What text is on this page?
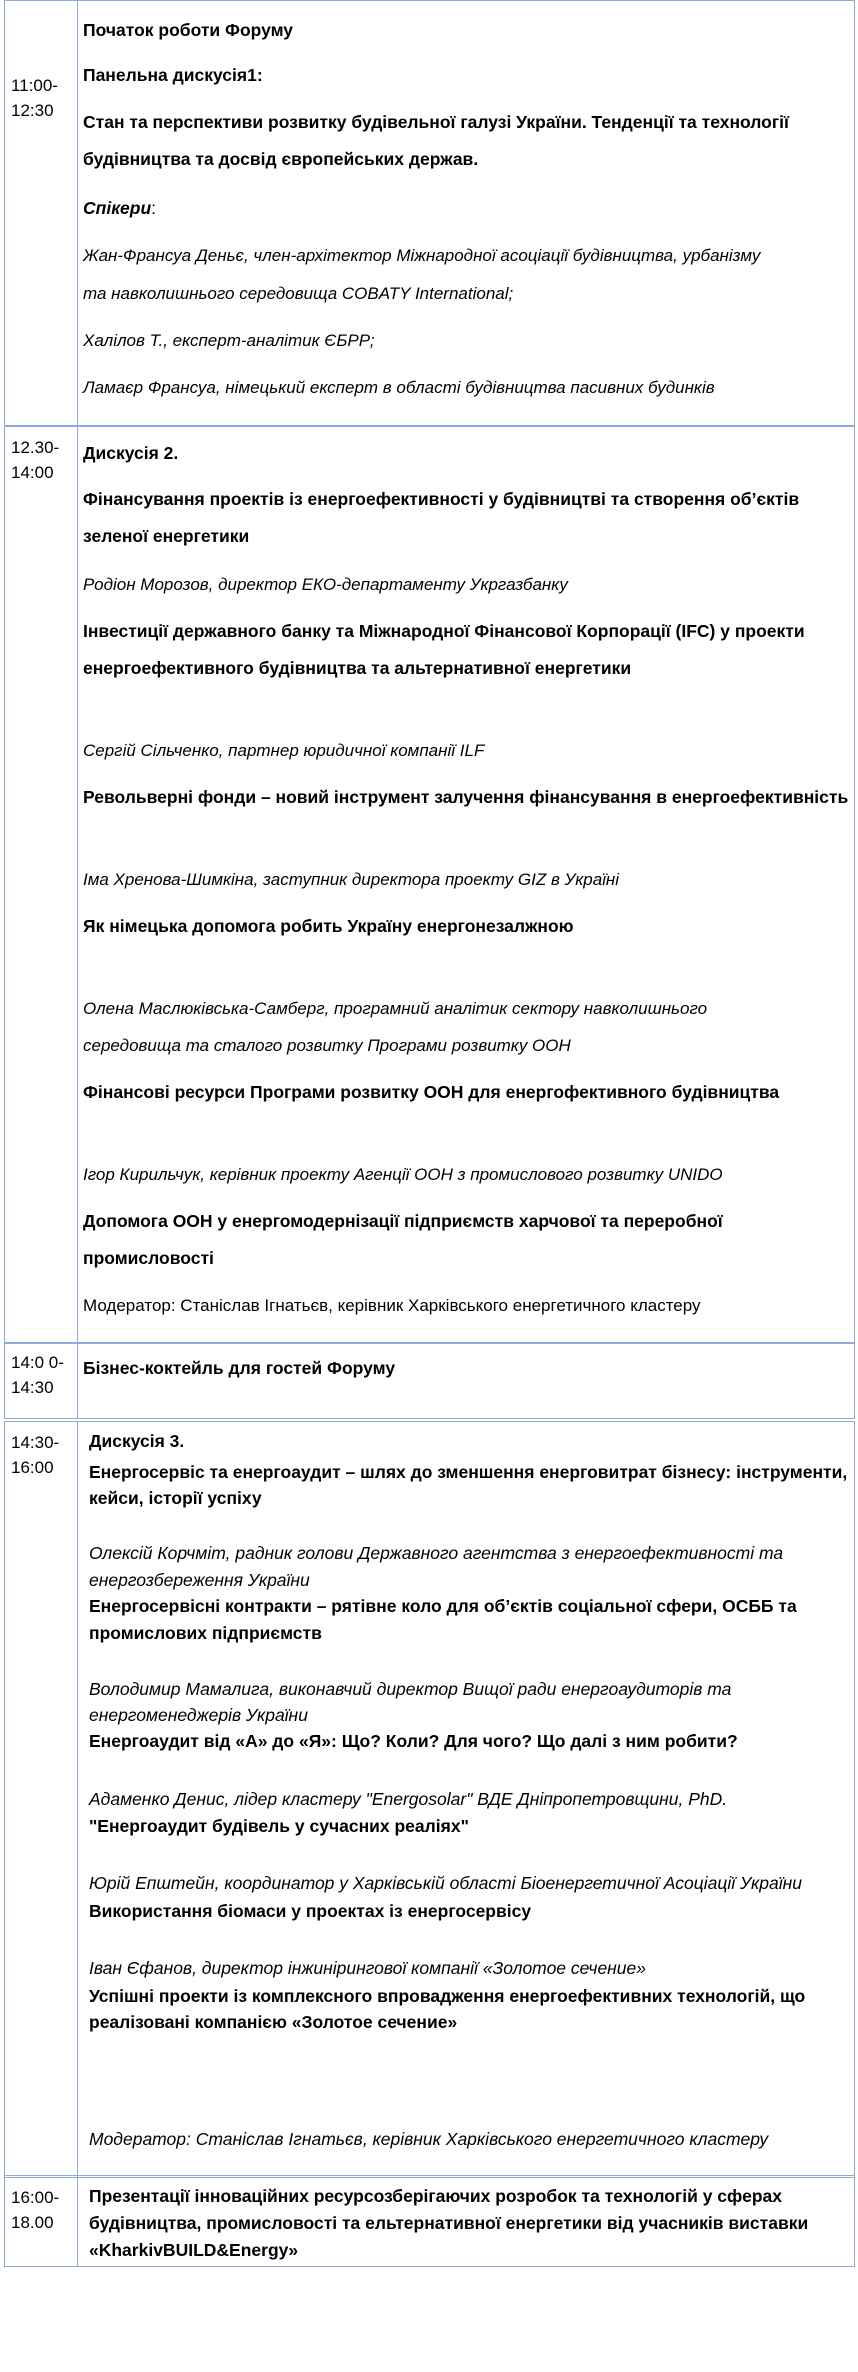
11:00-
12:30
Початок роботи Форуму
Панельна дискусія1:
Стан та перспективи розвитку будівельної галузі України. Тенденції та технології
будівництва та досвід європейських держав.
Спікери:
Жан-Франсуа Деньє, член-архітектор Міжнародної асоціації будівництва, урбанізму
та навколишнього середовища COBATY International;
Халілов Т., експерт-аналітик ЄБРР;
Ламаєр Франсуа, німецький експерт в області будівництва пасивних будинків
12.30-
14:00
Дискусія 2.
Фінансування проектів із енергоефективності у будівництві та створення об’єктів
зеленої енергетики
Родіон Морозов, директор ЕКО-департаменту Укргазбанку
Інвестиції державного банку та Міжнародної Фінансової Корпорації (IFC) у проекти
енергоефективного будівництва та альтернативної енергетики
Сергій Сільченко, партнер юридичної компанії ILF
Револьверні фонди – новий інструмент залучення фінансування в енергоефективність
Іма Хренова-Шимкіна, заступник директора проекту GIZ в Україні
Як німецька допомога робить Україну енергонезалжною
Олена Маслюківська-Самберг, програмний аналітик сектору навколишнього
середовища та сталого розвитку Програми розвитку ООН
Фінансові ресурси Програми розвитку ООН для енергофективного будівництва
Ігор Кирильчук, керівник проекту Агенції ООН з промислового розвитку UNIDO
Допомога ООН у енергомодернізації підприємств харчової та переробної
промисловості
Модератор: Станіслав Ігнатьєв, керівник Харківського енергетичного кластеру
14:0 0-
14:30
Бізнес-коктейль для гостей Форуму
14:30-
16:00
Дискусія 3.
Енергосервіс та енергоаудит – шлях до зменшення енерговитрат бізнесу: інструменти,
кейси, історії успіху
Олексій Корчміт, радник голови Державного агентства з енергоефективності та
енергозбереження України
Енергосервісні контракти – рятівне коло для об’єктів соціальної сфери, ОСББ та
промислових підприємств
Володимир Мамалига, виконавчий директор Вищої ради енергоаудиторів та
енергоменеджерів України
Енергоаудит від «А» до «Я»: Що? Коли? Для чого? Що далі з ним робити?
Адаменко Денис, лідер кластеру "Energosolar" ВДЕ Дніпропетровщини, PhD.
"Енергоаудит будівель у сучасних реаліях"
Юрій Епштейн, координатор у Харківській області Біоенергетичної Асоціації України
Використання біомаси у проектах із енергосервісу
Іван Єфанов, директор інжинірингової компанії «Золотое сечение»
Успішні проекти із комплексного впровадження енергоефективних технологій, що
реалізовані компанією «Золотое сечение»
Модератор: Станіслав Ігнатьєв, керівник Харківського енергетичного кластеру
16:00-
18.00
Презентації інноваційних ресурсозберігаючих розробок та технологій у сферах
будівництва, промисловості та ельтернативної енергетики від учасників виставки
«KharkivBUILD&Energy»
